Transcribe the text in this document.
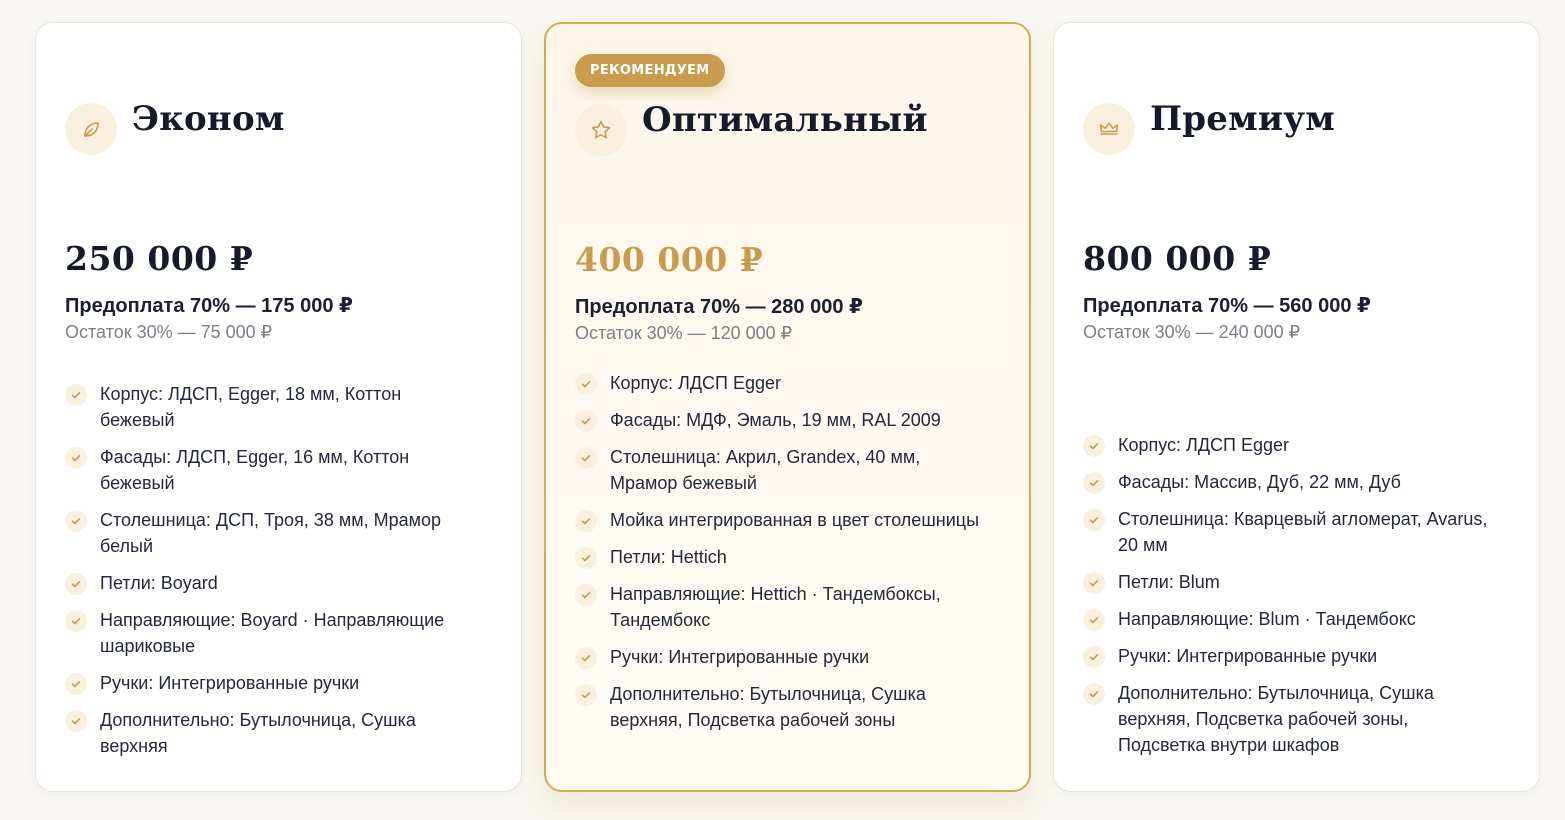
Эконом
250 000 ₽
Предоплата 70% — 175 000 ₽
Остаток 30% — 75 000 ₽
Корпус: ЛДСП, Egger, 18 мм, Коттон бежевый
Фасады: ЛДСП, Egger, 16 мм, Коттон бежевый
Столешница: ДСП, Троя, 38 мм, Мрамор белый
Петли: Boyard
Направляющие: Boyard · Направляющие шариковые
Ручки: Интегрированные ручки
Дополнительно: Бутылочница, Сушка верхняя
РЕКОМЕНДУЕМ
Оптимальный
400 000 ₽
Предоплата 70% — 280 000 ₽
Остаток 30% — 120 000 ₽
Корпус: ЛДСП Egger
Фасады: МДФ, Эмаль, 19 мм, RAL 2009
Столешница: Акрил, Grandex, 40 мм, Мрамор бежевый
Мойка интегрированная в цвет столешницы
Петли: Hettich
Направляющие: Hettich · Тандембоксы, Тандембокс
Ручки: Интегрированные ручки
Дополнительно: Бутылочница, Сушка верхняя, Подсветка рабочей зоны
Премиум
800 000 ₽
Предоплата 70% — 560 000 ₽
Остаток 30% — 240 000 ₽
Корпус: ЛДСП Egger
Фасады: Массив, Дуб, 22 мм, Дуб
Столешница: Кварцевый агломерат, Avarus, 20 мм
Петли: Blum
Направляющие: Blum · Тандембокс
Ручки: Интегрированные ручки
Дополнительно: Бутылочница, Сушка верхняя, Подсветка рабочей зоны, Подсветка внутри шкафов
